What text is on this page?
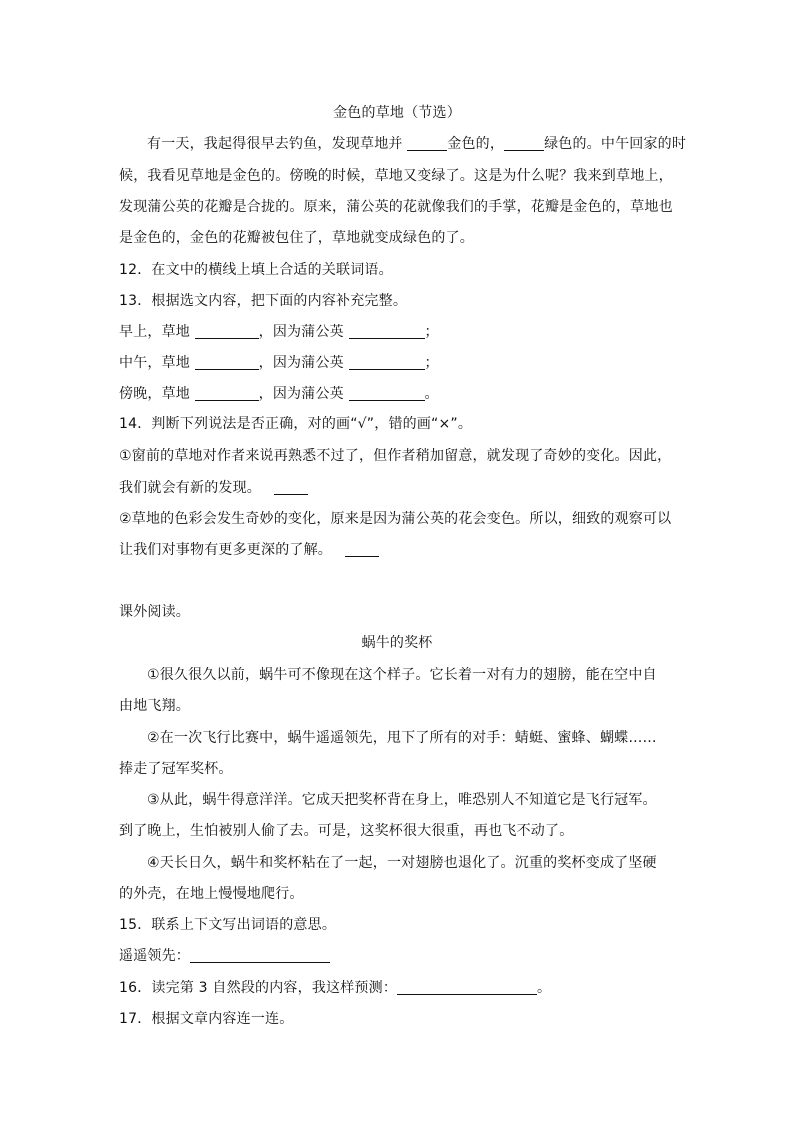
金色的草地（节选）

有一天，我起得很早去钓鱼，发现草地并	金色的，	绿色的。中午回家的时

候，我看见草地是金色的。傍晚的时候，草地又变绿了。这是为什么呢？我来到草地上，

发现蒲公英的花瓣是合拢的。原来，蒲公英的花就像我们的手掌，花瓣是金色的，草地也

是金色的，金色的花瓣被包住了，草地就变成绿色的了。

12．在文中的横线上填上合适的关联词语。

13．根据选文内容，把下面的内容补充完整。

早上，草地	，因为蒲公英	；

中午，草地	，因为蒲公英	；

傍晚，草地	，因为蒲公英	。

14．判断下列说法是否正确，对的画“√”，错的画“×”。

①窗前的草地对作者来说再熟悉不过了，但作者稍加留意，就发现了奇妙的变化。因此，

我们就会有新的发现。

②草地的色彩会发生奇妙的变化，原来是因为蒲公英的花会变色。所以，细致的观察可以

让我们对事物有更多更深的了解。

课外阅读。

蜗牛的奖杯

①很久很久以前，蜗牛可不像现在这个样子。它长着一对有力的翅膀，能在空中自

由地飞翔。

②在一次飞行比赛中，蜗牛遥遥领先，甩下了所有的对手：蜻蜓、蜜蜂、蝴蝶……

捧走了冠军奖杯。

③从此，蜗牛得意洋洋。它成天把奖杯背在身上，唯恐别人不知道它是飞行冠军。

到了晚上，生怕被别人偷了去。可是，这奖杯很大很重，再也飞不动了。

④天长日久，蜗牛和奖杯粘在了一起，一对翅膀也退化了。沉重的奖杯变成了坚硬

的外壳，在地上慢慢地爬行。

15．联系上下文写出词语的意思。

遥遥领先：

16．读完第 3 自然段的内容，我这样预测：	。

17．根据文章内容连一连。
